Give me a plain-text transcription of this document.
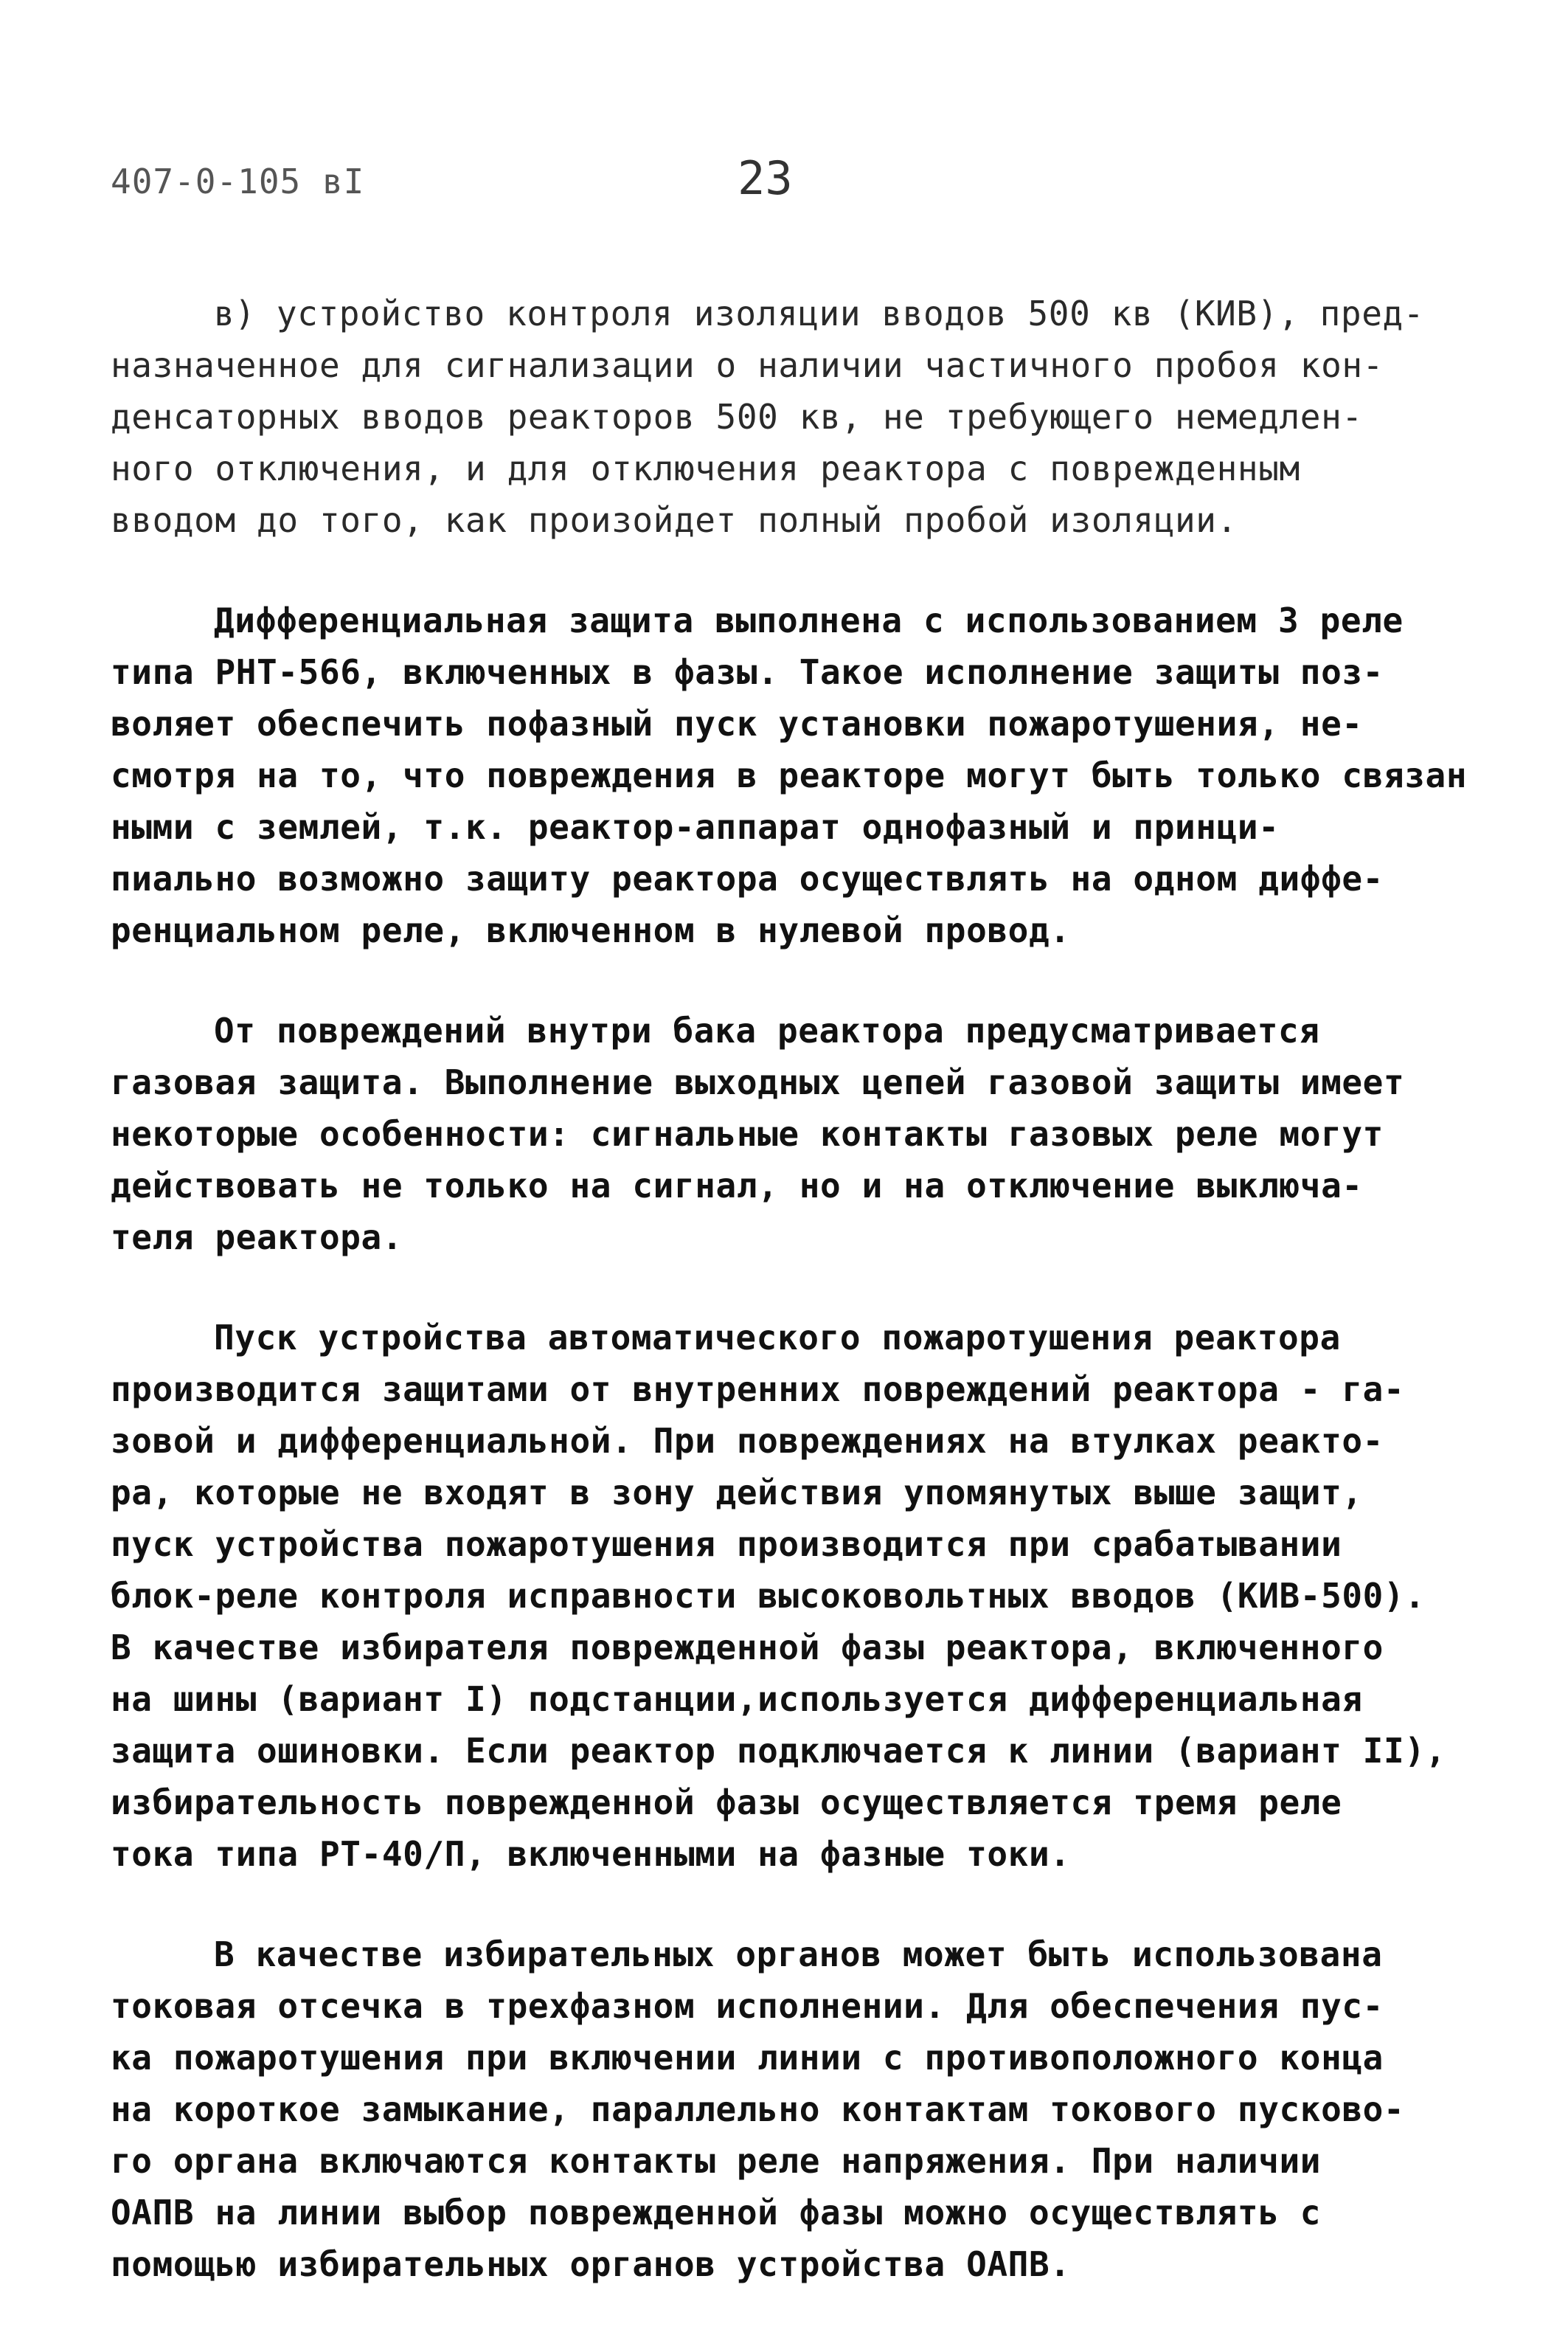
407-0-105 вI	23
в) устройство контроля изоляции вводов 500 кв (КИВ), пред-
назначенное для сигнализации о наличии частичного пробоя кон-
денсаторных вводов реакторов 500 кв, не требующего немедлен-
ного отключения, и для отключения реактора с поврежденным
вводом до того, как произойдет полный пробой изоляции.
Дифференциальная защита выполнена с использованием 3 реле
типа РНТ-566, включенных в фазы. Такое исполнение защиты поз-
воляет обеспечить пофазный пуск установки пожаротушения, не-
смотря на то, что повреждения в реакторе могут быть только связан
ными с землей, т.к. реактор-аппарат однофазный и принци-
пиально возможно защиту реактора осуществлять на одном диффе-
ренциальном реле, включенном в нулевой провод.
От повреждений внутри бака реактора предусматривается
газовая защита. Выполнение выходных цепей газовой защиты имеет
некоторые особенности: сигнальные контакты газовых реле могут
действовать не только на сигнал, но и на отключение выключа-
теля реактора.
Пуск устройства автоматического пожаротушения реактора
производится защитами от внутренних повреждений реактора - га-
зовой и дифференциальной. При повреждениях на втулках реакто-
ра, которые не входят в зону действия упомянутых выше защит,
пуск устройства пожаротушения производится при срабатывании
блок-реле контроля исправности высоковольтных вводов (КИВ-500).
В качестве избирателя поврежденной фазы реактора, включенного
на шины (вариант I) подстанции,используется дифференциальная
защита ошиновки. Если реактор подключается к линии (вариант II),
избирательность поврежденной фазы осуществляется тремя реле
тока типа РТ-40/П, включенными на фазные токи.
В качестве избирательных органов может быть использована
токовая отсечка в трехфазном исполнении. Для обеспечения пус-
ка пожаротушения при включении линии с противоположного конца
на короткое замыкание, параллельно контактам токового пусково-
го органа включаются контакты реле напряжения. При наличии
ОАПВ на линии выбор поврежденной фазы можно осуществлять с
помощью избирательных органов устройства ОАПВ.
